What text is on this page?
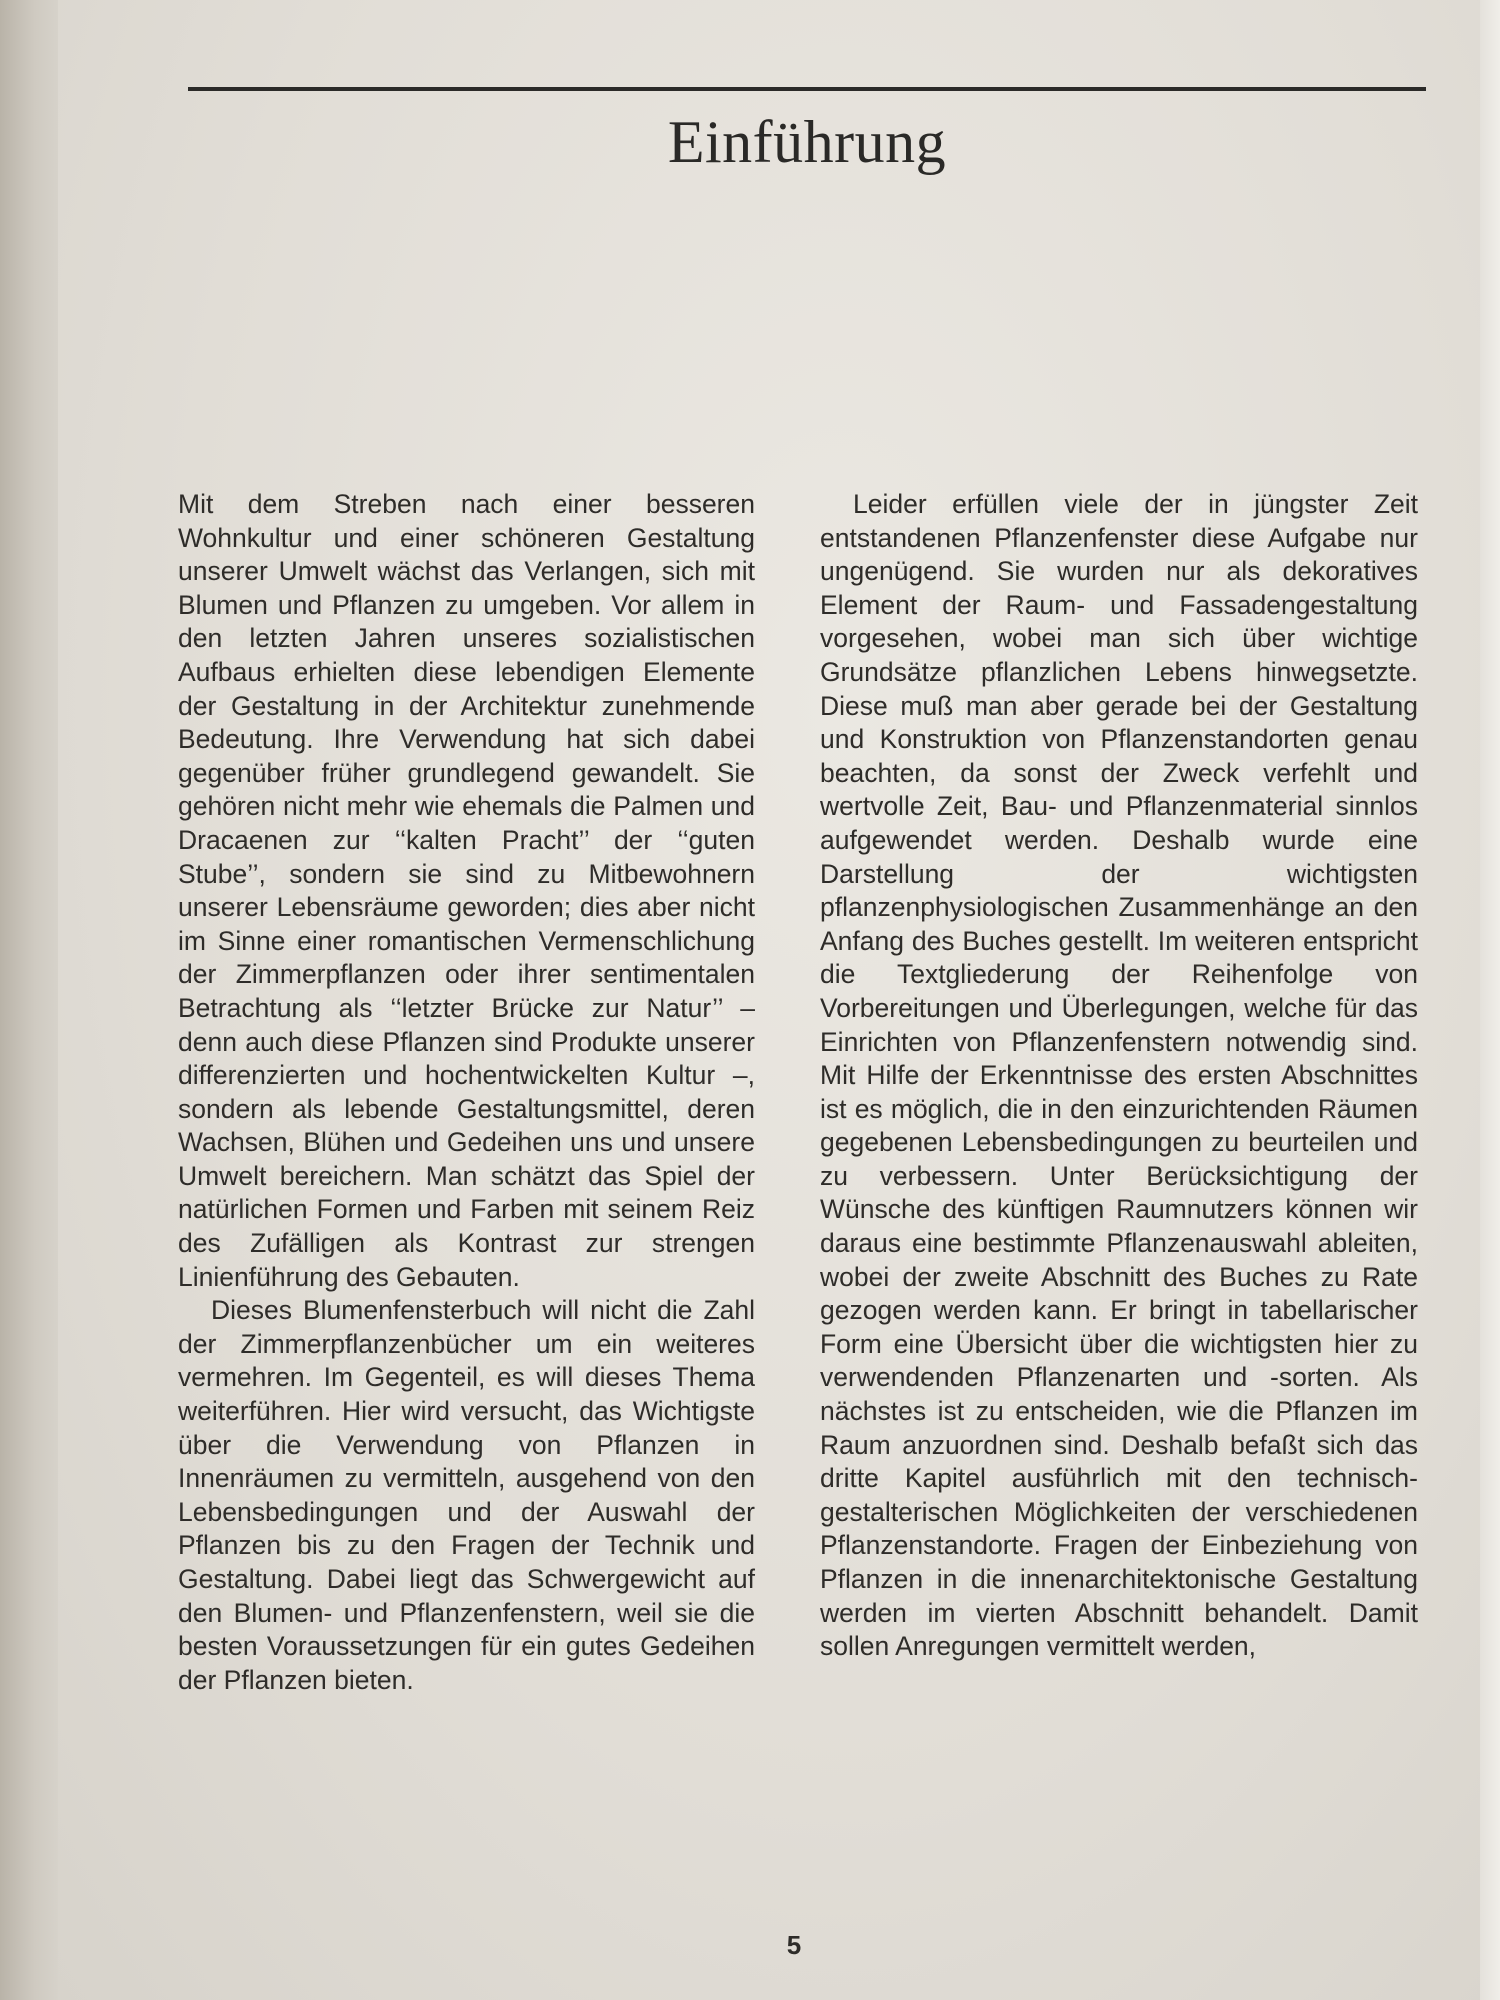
Einführung

Mit dem Streben nach einer besseren Wohnkultur und einer schöneren Gestaltung unserer Umwelt wächst das Verlangen, sich mit Blumen und Pflanzen zu umgeben. Vor allem in den letzten Jahren unseres sozialistischen Aufbaus erhielten diese lebendigen Elemente der Gestaltung in der Architektur zunehmende Bedeutung. Ihre Verwendung hat sich dabei gegenüber früher grundlegend gewandelt. Sie gehören nicht mehr wie ehemals die Palmen und Dracaenen zur ‘‘kalten Pracht’’ der ‘‘guten Stube’’, sondern sie sind zu Mitbewohnern unserer Lebensräume geworden; dies aber nicht im Sinne einer romantischen Vermenschlichung der Zimmerpflanzen oder ihrer sentimentalen Betrachtung als ‘‘letzter Brücke zur Natur’’ – denn auch diese Pflanzen sind Produkte unserer differenzierten und hochentwickelten Kultur –, sondern als lebende Gestaltungsmittel, deren Wachsen, Blühen und Gedeihen uns und unsere Umwelt bereichern. Man schätzt das Spiel der natürlichen Formen und Farben mit seinem Reiz des Zufälligen als Kontrast zur strengen Linienführung des Gebauten.

Dieses Blumenfensterbuch will nicht die Zahl der Zimmerpflanzenbücher um ein weiteres vermehren. Im Gegenteil, es will dieses Thema weiterführen. Hier wird versucht, das Wichtigste über die Verwendung von Pflanzen in Innenräumen zu vermitteln, ausgehend von den Lebensbedingungen und der Auswahl der Pflanzen bis zu den Fragen der Technik und Gestaltung. Dabei liegt das Schwergewicht auf den Blumen- und Pflanzenfenstern, weil sie die besten Voraussetzungen für ein gutes Gedeihen der Pflanzen bieten.

Leider erfüllen viele der in jüngster Zeit entstandenen Pflanzenfenster diese Aufgabe nur ungenügend. Sie wurden nur als dekoratives Element der Raum- und Fassadengestaltung vorgesehen, wobei man sich über wichtige Grundsätze pflanzlichen Lebens hinwegsetzte. Diese muß man aber gerade bei der Gestaltung und Konstruktion von Pflanzenstandorten genau beachten, da sonst der Zweck verfehlt und wertvolle Zeit, Bau- und Pflanzenmaterial sinnlos aufgewendet werden. Deshalb wurde eine Darstellung der wichtigsten pflanzenphysiologischen Zusammenhänge an den Anfang des Buches gestellt. Im weiteren entspricht die Textgliederung der Reihenfolge von Vorbereitungen und Überlegungen, welche für das Einrichten von Pflanzenfenstern notwendig sind. Mit Hilfe der Erkenntnisse des ersten Abschnittes ist es möglich, die in den einzurichtenden Räumen gegebenen Lebensbedingungen zu beurteilen und zu verbessern. Unter Berücksichtigung der Wünsche des künftigen Raumnutzers können wir daraus eine bestimmte Pflanzenauswahl ableiten, wobei der zweite Abschnitt des Buches zu Rate gezogen werden kann. Er bringt in tabellarischer Form eine Übersicht über die wichtigsten hier zu verwendenden Pflanzenarten und -sorten. Als nächstes ist zu entscheiden, wie die Pflanzen im Raum anzuordnen sind. Deshalb befaßt sich das dritte Kapitel ausführlich mit den technisch-gestalterischen Möglichkeiten der verschiedenen Pflanzenstandorte. Fragen der Einbeziehung von Pflanzen in die innenarchitektonische Gestaltung werden im vierten Abschnitt behandelt. Damit sollen Anregungen vermittelt werden,

5
